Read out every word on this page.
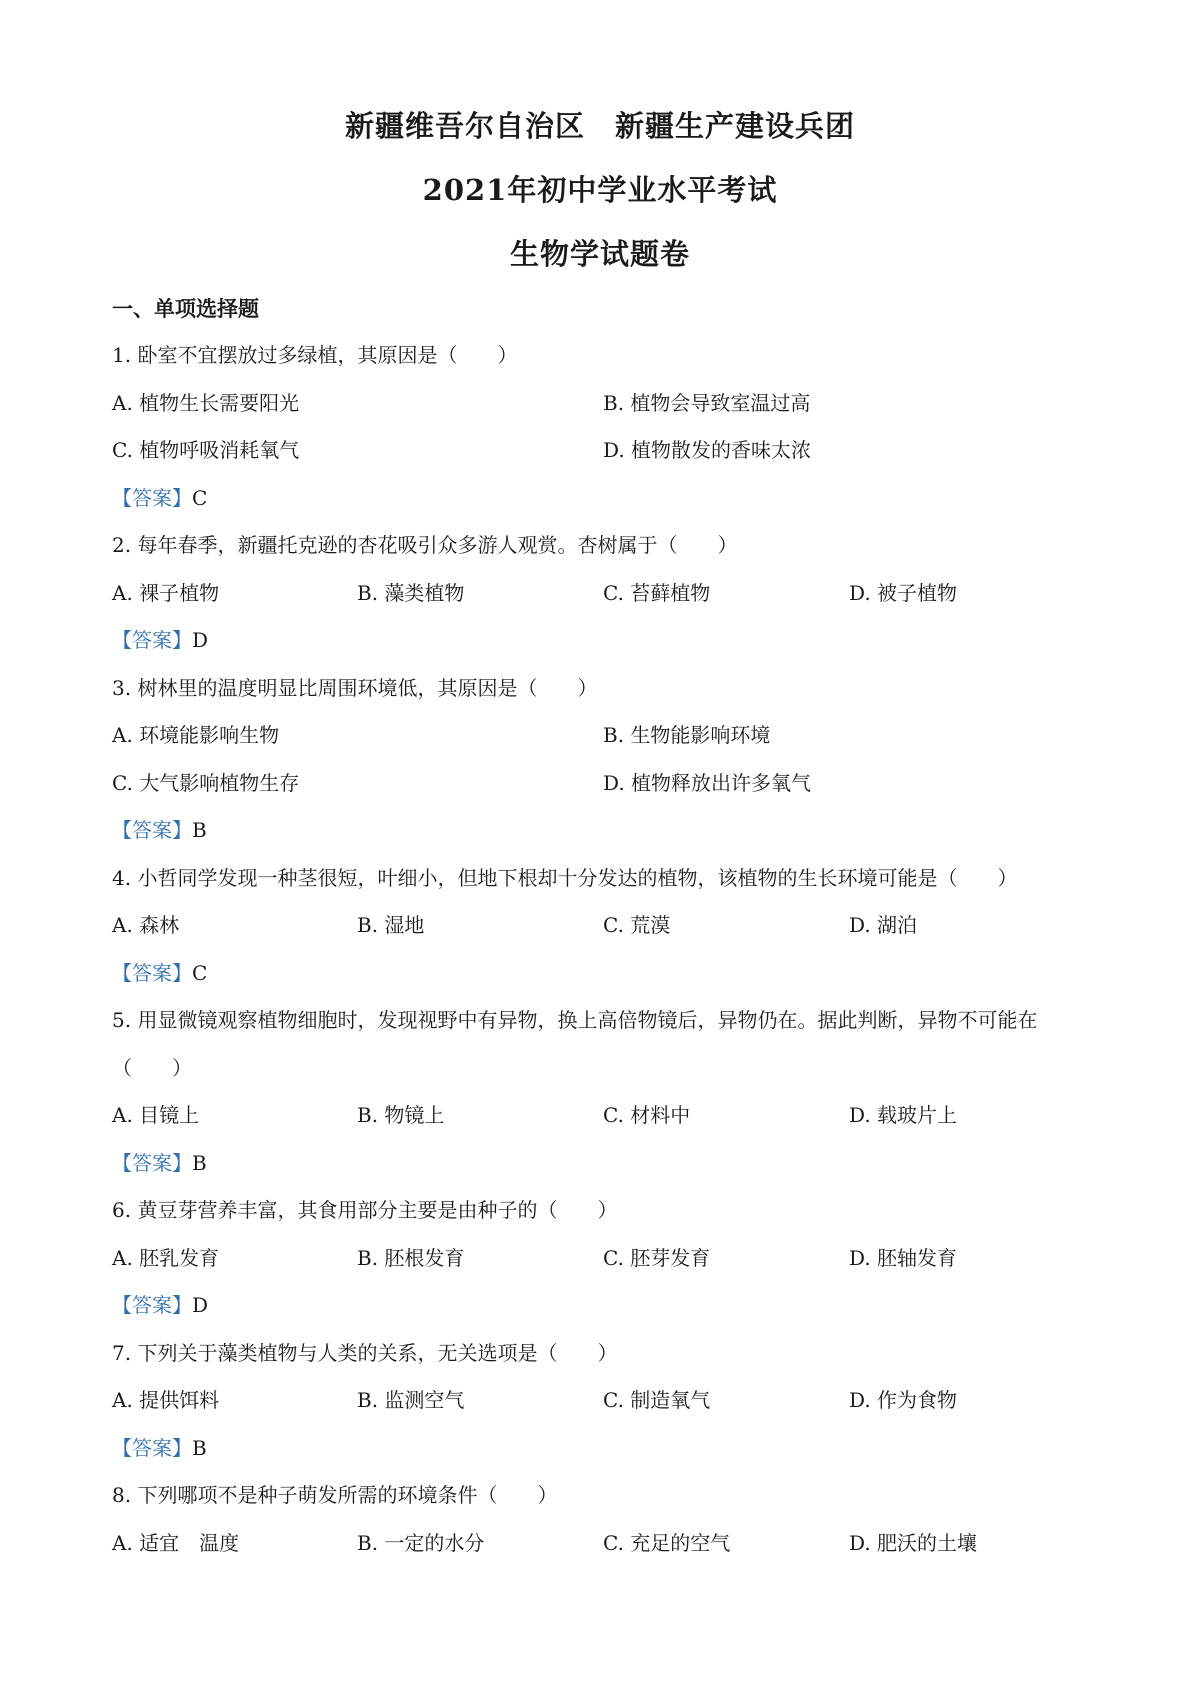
新疆维吾尔自治区　新疆生产建设兵团
2021年初中学业水平考试
生物学试题卷
一、单项选择题
1. 卧室不宜摆放过多绿植，其原因是（　　）
A. 植物生长需要阳光	B. 植物会导致室温过高
C. 植物呼吸消耗氧气	D. 植物散发的香味太浓
【答案】C
2. 每年春季，新疆托克逊的杏花吸引众多游人观赏。杏树属于（　　）
A. 裸子植物	B. 藻类植物	C. 苔藓植物	D. 被子植物
【答案】D
3. 树林里的温度明显比周围环境低，其原因是（　　）
A. 环境能影响生物	B. 生物能影响环境
C. 大气影响植物生存	D. 植物释放出许多氧气
【答案】B
4. 小哲同学发现一种茎很短，叶细小，但地下根却十分发达的植物，该植物的生长环境可能是（　　）
A. 森林	B. 湿地	C. 荒漠	D. 湖泊
【答案】C
5. 用显微镜观察植物细胞时，发现视野中有异物，换上高倍物镜后，异物仍在。据此判断，异物不可能在
（　　）
A. 目镜上	B. 物镜上	C. 材料中	D. 载玻片上
【答案】B
6. 黄豆芽营养丰富，其食用部分主要是由种子的（　　）
A. 胚乳发育	B. 胚根发育	C. 胚芽发育	D. 胚轴发育
【答案】D
7. 下列关于藻类植物与人类的关系，无关选项是（　　）
A. 提供饵料	B. 监测空气	C. 制造氧气	D. 作为食物
【答案】B
8. 下列哪项不是种子萌发所需的环境条件（　　）
A. 适宜　温度	B. 一定的水分	C. 充足的空气	D. 肥沃的土壤
